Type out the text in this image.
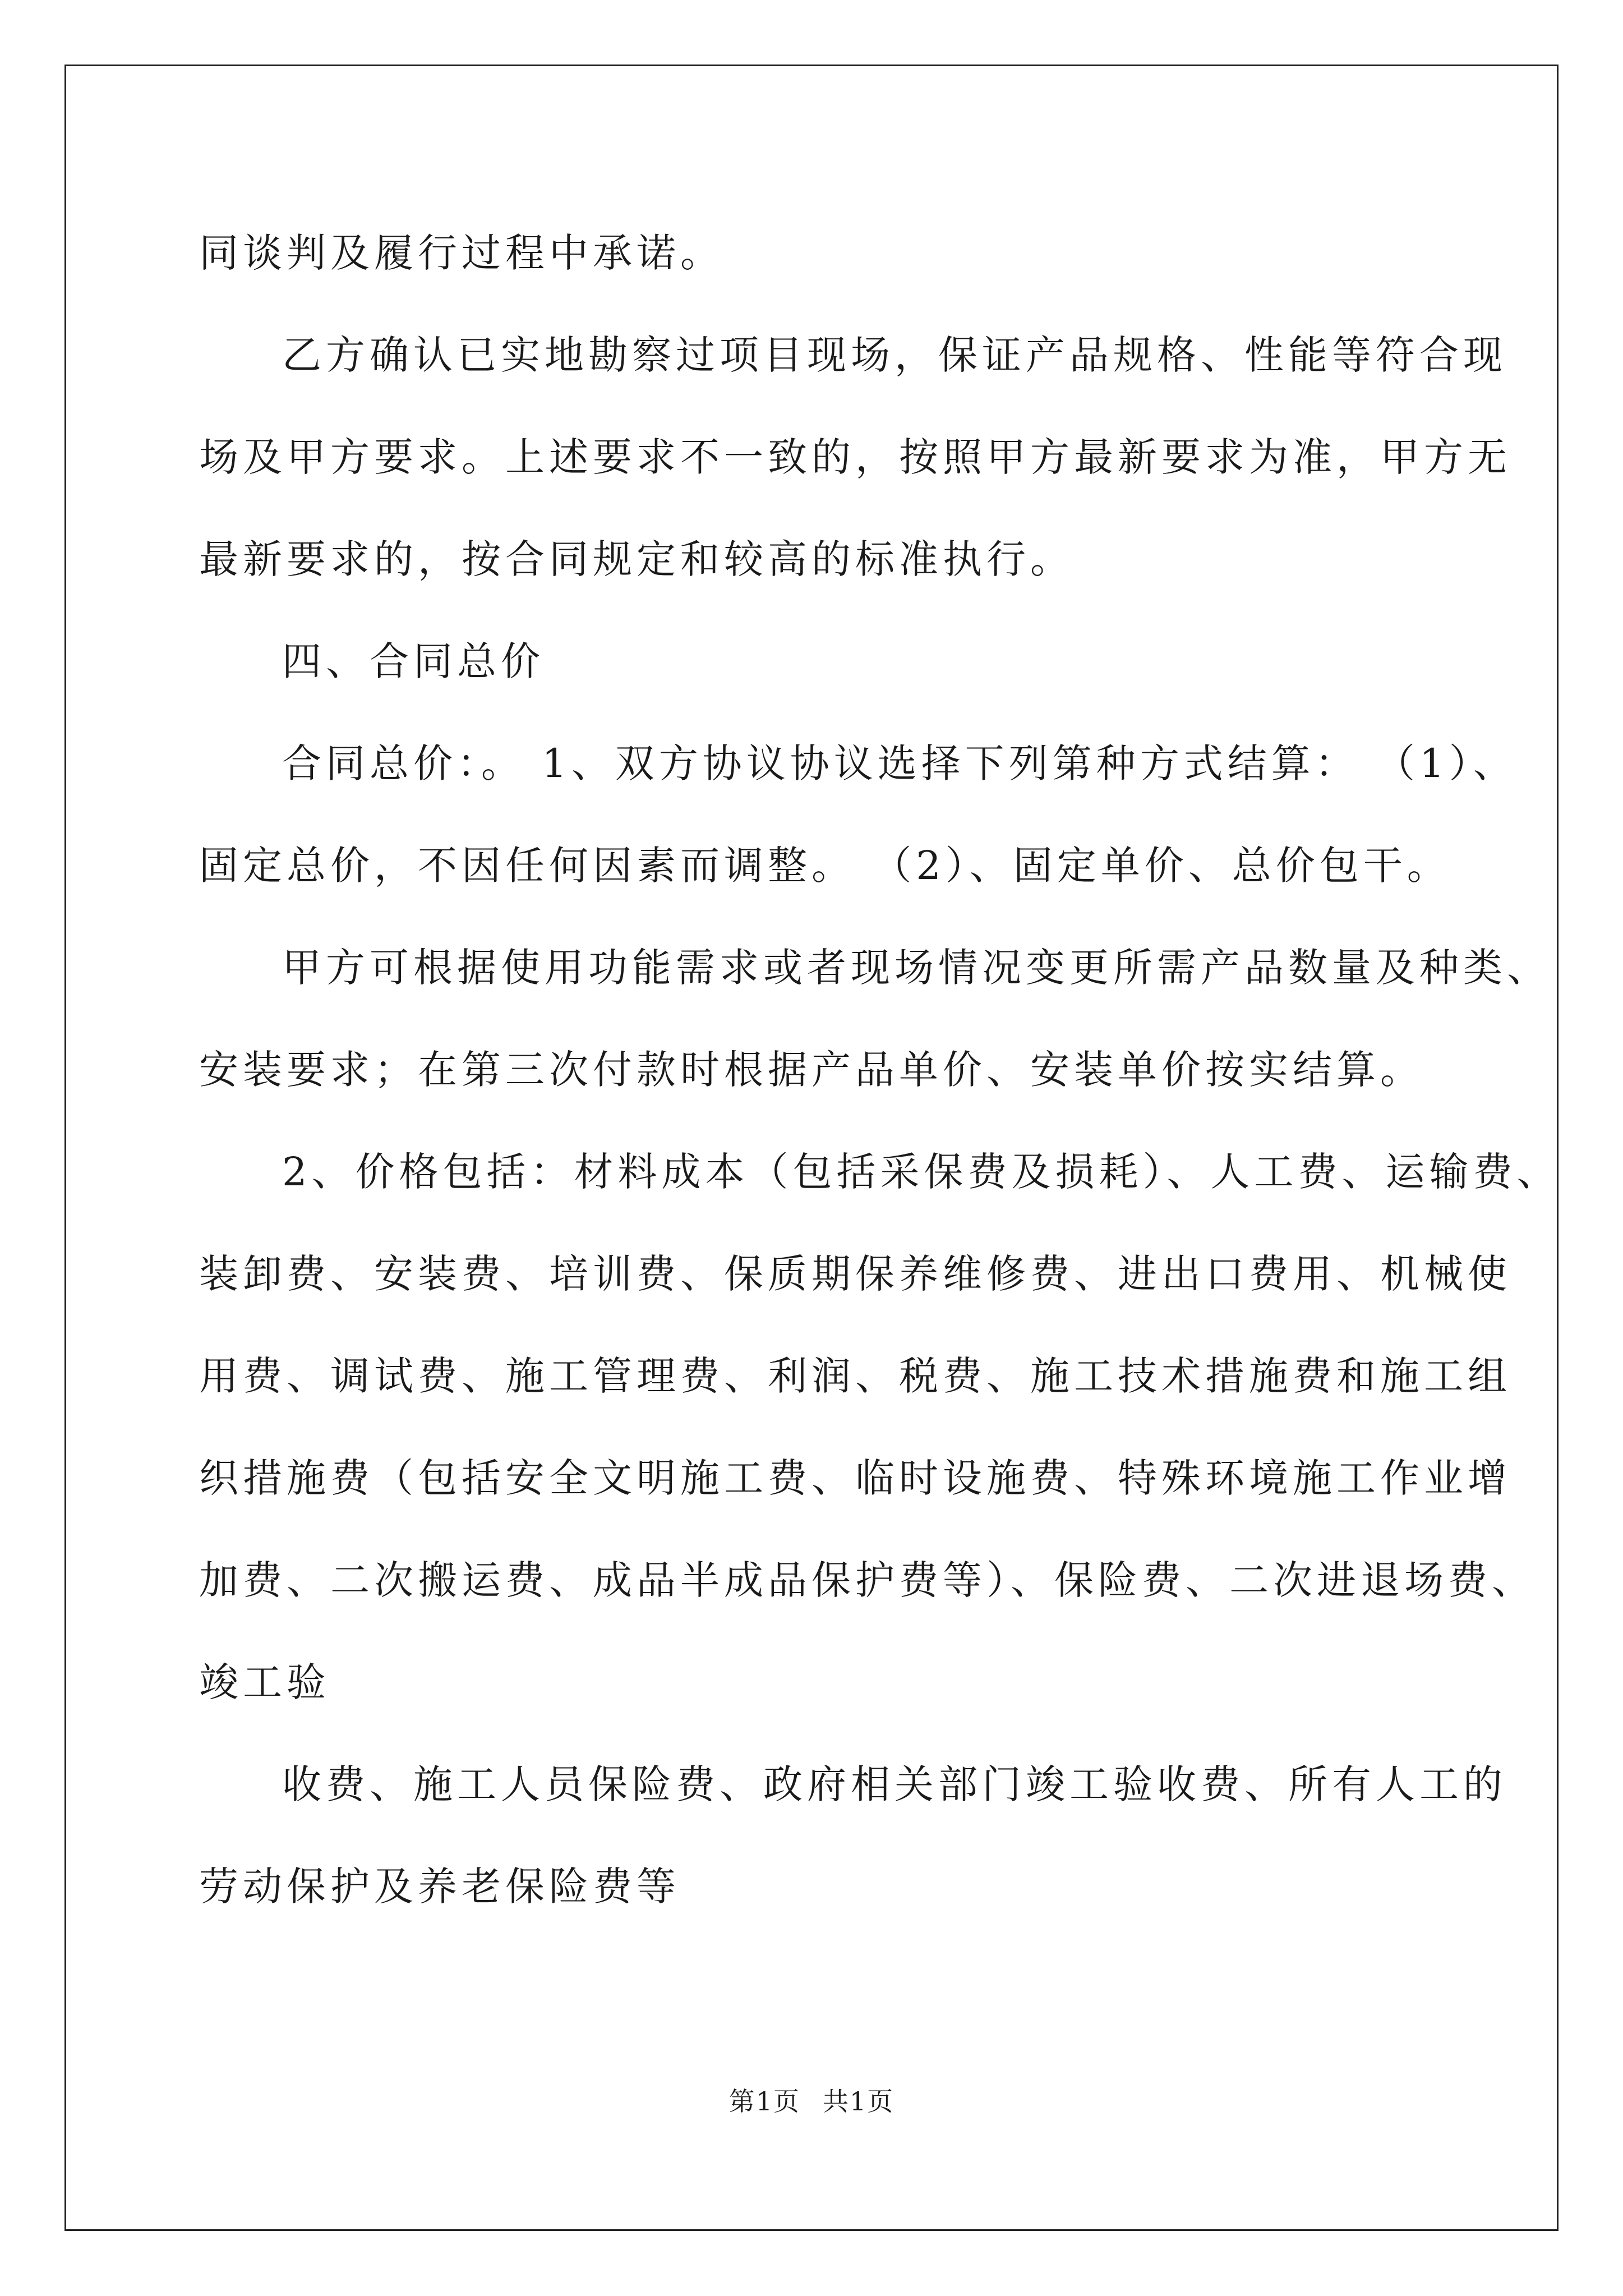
同谈判及履行过程中承诺。

乙方确认已实地勘察过项目现场，保证产品规格、性能等符合现

场及甲方要求。上述要求不一致的，按照甲方最新要求为准，甲方无

最新要求的，按合同规定和较高的标准执行。

四、合同总价

合同总价：。 1、双方协议协议选择下列第种方式结算： （1）、

固定总价，不因任何因素而调整。 （2）、固定单价、总价包干。

甲方可根据使用功能需求或者现场情况变更所需产品数量及种类、

安装要求；在第三次付款时根据产品单价、安装单价按实结算。

2、价格包括：材料成本（包括采保费及损耗）、人工费、运输费、

装卸费、安装费、培训费、保质期保养维修费、进出口费用、机械使

用费、调试费、施工管理费、利润、税费、施工技术措施费和施工组

织措施费（包括安全文明施工费、临时设施费、特殊环境施工作业增

加费、二次搬运费、成品半成品保护费等）、保险费、二次进退场费、

竣工验

收费、施工人员保险费、政府相关部门竣工验收费、所有人工的

劳动保护及养老保险费等

第1页 共1页
